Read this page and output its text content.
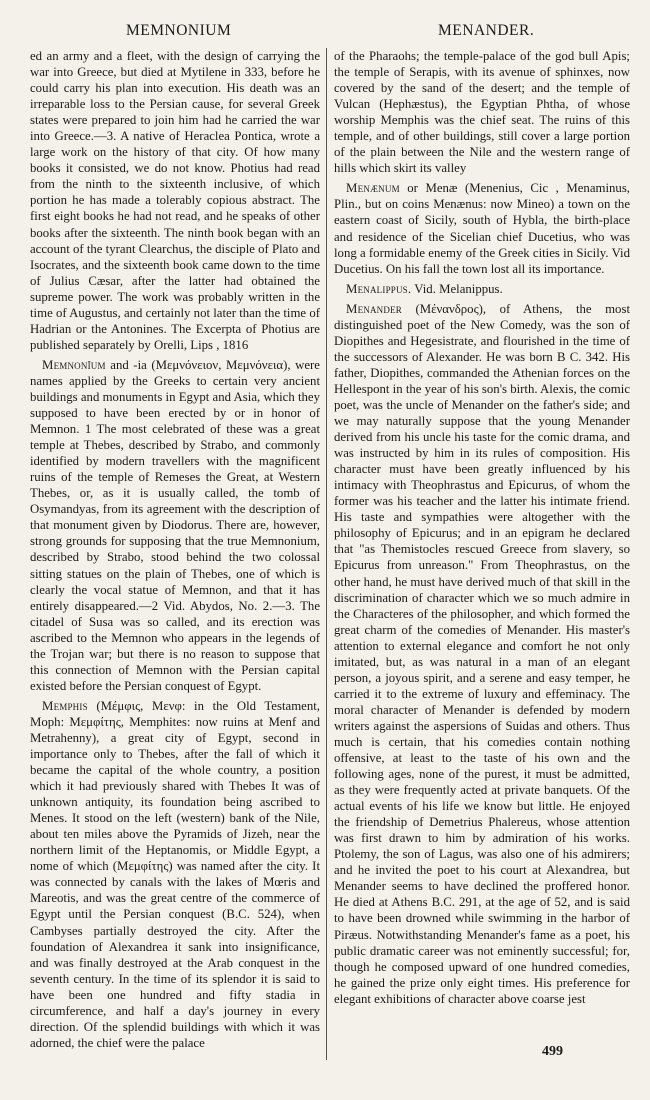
MEMNONIUM	MENANDER.

ed an army and a fleet, with the design of carrying the war into Greece, but died at Mytilene in 333, before he could carry his plan into execution. His death was an irreparable loss to the Persian cause, for several Greek states were prepared to join him had he carried the war into Greece.—3. A native of Heraclea Pontica, wrote a large work on the history of that city. Of how many books it consisted, we do not know. Photius had read from the ninth to the sixteenth inclusive, of which portion he has made a tolerably copious abstract. The first eight books he had not read, and he speaks of other books after the sixteenth. The ninth book began with an account of the tyrant Clearchus, the disciple of Plato and Isocrates, and the sixteenth book came down to the time of Julius Cæsar, after the latter had obtained the supreme power. The work was probably written in the time of Augustus, and certainly not later than the time of Hadrian or the Antonines. The Excerpta of Photius are published separately by Orelli, Lips , 1816

Memnonĭum and -ia (Μεμνόνειον, Μεμνόνεια), were names applied by the Greeks to certain very ancient buildings and monuments in Egypt and Asia, which they supposed to have been erected by or in honor of Memnon. 1 The most celebrated of these was a great temple at Thebes, described by Strabo, and commonly identified by modern travellers with the magnificent ruins of the temple of Remeses the Great, at Western Thebes, or, as it is usually called, the tomb of Osymandyas, from its agreement with the description of that monument given by Diodorus. There are, however, strong grounds for supposing that the true Memnonium, described by Strabo, stood behind the two colossal sitting statues on the plain of Thebes, one of which is clearly the vocal statue of Memnon, and that it has entirely disappeared.—2 Vid. Abydos, No. 2.—3. The citadel of Susa was so called, and its erection was ascribed to the Memnon who appears in the legends of the Trojan war; but there is no reason to suppose that this connection of Memnon with the Persian capital existed before the Persian conquest of Egypt.

Memphis (Μέμφις, Μενφ: in the Old Testament, Moph: Μεμφίτης, Memphites: now ruins at Menf and Metrahenny), a great city of Egypt, second in importance only to Thebes, after the fall of which it became the capital of the whole country, a position which it had previously shared with Thebes It was of unknown antiquity, its foundation being ascribed to Menes. It stood on the left (western) bank of the Nile, about ten miles above the Pyramids of Jizeh, near the northern limit of the Heptanomis, or Middle Egypt, a nome of which (Μεμφίτης) was named after the city. It was connected by canals with the lakes of Mœris and Mareotis, and was the great centre of the commerce of Egypt until the Persian conquest (B.C. 524), when Cambyses partially destroyed the city. After the foundation of Alexandrea it sank into insignificance, and was finally destroyed at the Arab conquest in the seventh century. In the time of its splendor it is said to have been one hundred and fifty stadia in circumference, and half a day's journey in every direction. Of the splendid buildings with which it was adorned, the chief were the palace

of the Pharaohs; the temple-palace of the god bull Apis; the temple of Serapis, with its avenue of sphinxes, now covered by the sand of the desert; and the temple of Vulcan (Hephæstus), the Egyptian Phtha, of whose worship Memphis was the chief seat. The ruins of this temple, and of other buildings, still cover a large portion of the plain between the Nile and the western range of hills which skirt its valley

Menænum or Menæ (Menenius, Cic , Menaminus, Plin., but on coins Menænus: now Mineo) a town on the eastern coast of Sicily, south of Hybla, the birth-place and residence of the Sicelian chief Ducetius, who was long a formidable enemy of the Greek cities in Sicily. Vid Ducetius. On his fall the town lost all its importance.

Menalippus. Vid. Melanippus.

Menander (Μένανδρος), of Athens, the most distinguished poet of the New Comedy, was the son of Diopithes and Hegesistrate, and flourished in the time of the successors of Alexander. He was born B C. 342. His father, Diopithes, commanded the Athenian forces on the Hellespont in the year of his son's birth. Alexis, the comic poet, was the uncle of Menander on the father's side; and we may naturally suppose that the young Menander derived from his uncle his taste for the comic drama, and was instructed by him in its rules of composition. His character must have been greatly influenced by his intimacy with Theophrastus and Epicurus, of whom the former was his teacher and the latter his intimate friend. His taste and sympathies were altogether with the philosophy of Epicurus; and in an epigram he declared that "as Themistocles rescued Greece from slavery, so Epicurus from unreason." From Theophrastus, on the other hand, he must have derived much of that skill in the discrimination of character which we so much admire in the Characteres of the philosopher, and which formed the great charm of the comedies of Menander. His master's attention to external elegance and comfort he not only imitated, but, as was natural in a man of an elegant person, a joyous spirit, and a serene and easy temper, he carried it to the extreme of luxury and effeminacy. The moral character of Menander is defended by modern writers against the aspersions of Suidas and others. Thus much is certain, that his comedies contain nothing offensive, at least to the taste of his own and the following ages, none of the purest, it must be admitted, as they were frequently acted at private banquets. Of the actual events of his life we know but little. He enjoyed the friendship of Demetrius Phalereus, whose attention was first drawn to him by admiration of his works. Ptolemy, the son of Lagus, was also one of his admirers; and he invited the poet to his court at Alexandrea, but Menander seems to have declined the proffered honor. He died at Athens B.C. 291, at the age of 52, and is said to have been drowned while swimming in the harbor of Piræus. Notwithstanding Menander's fame as a poet, his public dramatic career was not eminently successful; for, though he composed upward of one hundred comedies, he gained the prize only eight times. His preference for elegant exhibitions of character above coarse jest

499
